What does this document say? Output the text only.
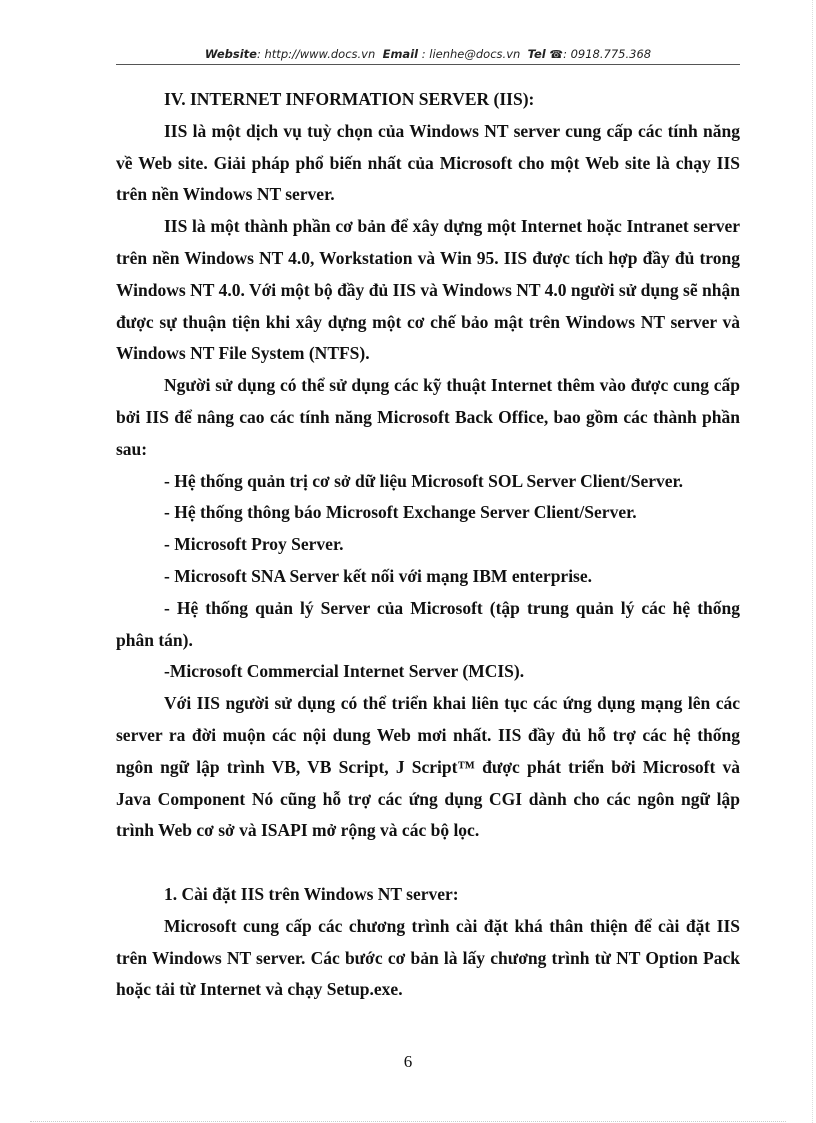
Website: http://www.docs.vn Email : lienhe@docs.vn Tel ☎: 0918.775.368

IV. INTERNET INFORMATION SERVER (IIS):

IIS là một dịch vụ tuỳ chọn của Windows NT server cung cấp các tính năng về Web site. Giải pháp phổ biến nhất của Microsoft cho một Web site là chạy IIS trên nền Windows NT server.

IIS là một thành phần cơ bản để xây dựng một Internet hoặc Intranet server trên nền Windows NT 4.0, Workstation và Win 95. IIS được tích hợp đầy đủ trong Windows NT 4.0. Với một bộ đầy đủ IIS và Windows NT 4.0 người sử dụng sẽ nhận được sự thuận tiện khi xây dựng một cơ chế bảo mật trên Windows NT server và Windows NT File System (NTFS).

Người sử dụng có thể sử dụng các kỹ thuật Internet thêm vào được cung cấp bởi IIS để nâng cao các tính năng Microsoft Back Office, bao gồm các thành phần sau:

- Hệ thống quản trị cơ sở dữ liệu Microsoft SOL Server Client/Server.

- Hệ thống thông báo Microsoft Exchange Server Client/Server.

- Microsoft Proy Server.

- Microsoft SNA Server kết nối với mạng IBM enterprise.

- Hệ thống quản lý Server của Microsoft (tập trung quản lý các hệ thống phân tán).

-Microsoft Commercial Internet Server (MCIS).

Với IIS người sử dụng có thể triển khai liên tục các ứng dụng mạng lên các server ra đời muộn các nội dung Web mơi nhất. IIS đầy đủ hỗ trợ các hệ thống ngôn ngữ lập trình VB, VB Script, J Script™ được phát triển bởi Microsoft và Java Component Nó cũng hỗ trợ các ứng dụng CGI dành cho các ngôn ngữ lập trình Web cơ sở và ISAPI mở rộng và các bộ lọc.

1. Cài đặt IIS trên Windows NT server:

Microsoft cung cấp các chương trình cài đặt khá thân thiện để cài đặt IIS trên Windows NT server. Các bước cơ bản là lấy chương trình từ NT Option Pack hoặc tải từ Internet và chạy Setup.exe.

6
